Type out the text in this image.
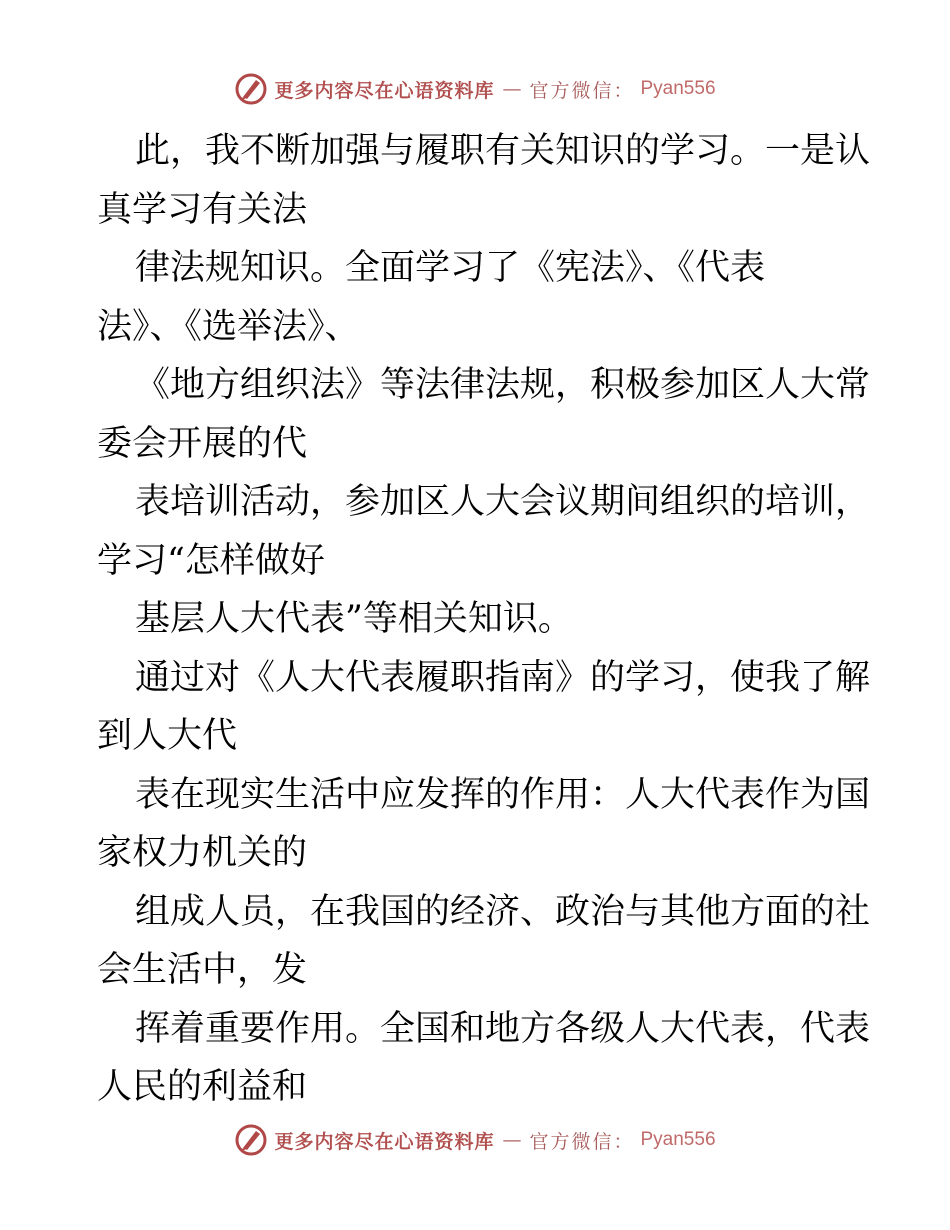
更多内容尽在心语资料库 — 官方微信： Pyan556
此，我不断加强与履职有关知识的学习。一是认
真学习有关法
律法规知识。全面学习了《宪法》、《代表
法》、《选举法》、
《地方组织法》等法律法规，积极参加区人大常
委会开展的代
表培训活动，参加区人大会议期间组织的培训，
学习“怎样做好
基层人大代表”等相关知识。
通过对《人大代表履职指南》的学习，使我了解
到人大代
表在现实生活中应发挥的作用：人大代表作为国
家权力机关的
组成人员，在我国的经济、政治与其他方面的社
会生活中，发
挥着重要作用。全国和地方各级人大代表，代表
人民的利益和
更多内容尽在心语资料库 — 官方微信： Pyan556
